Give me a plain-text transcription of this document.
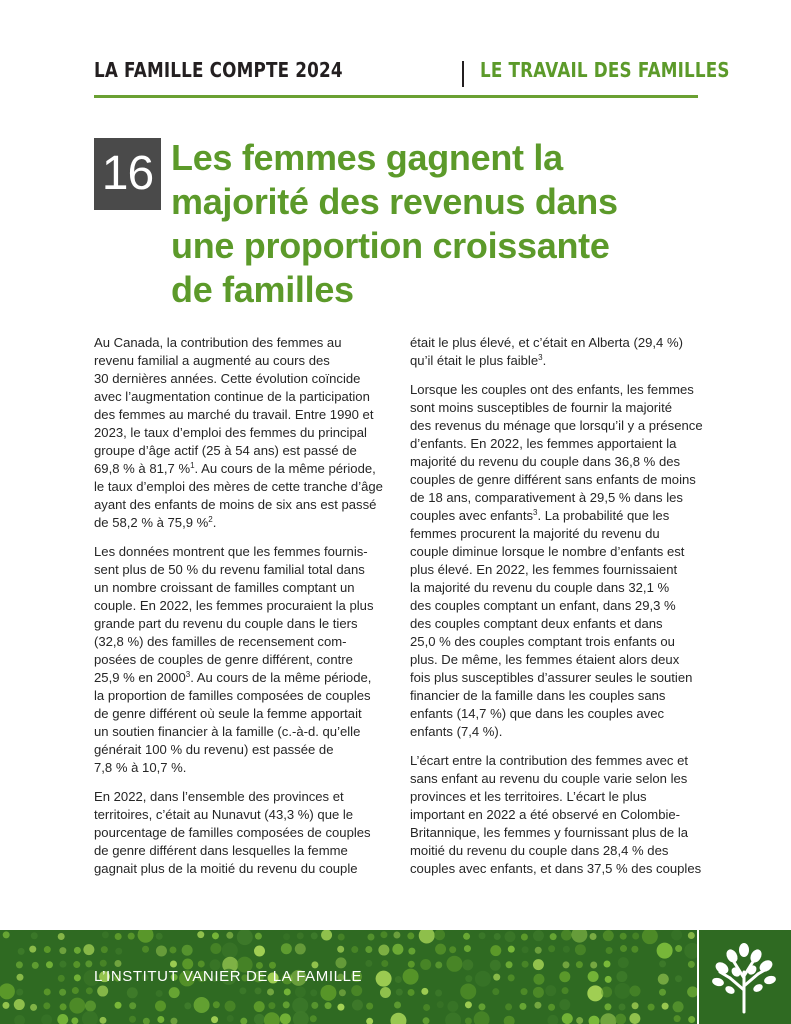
LA FAMILLE COMPTE 2024	LE TRAVAIL DES FAMILLES
16 Les femmes gagnent la
majorité des revenus dans
une proportion croissante
de familles

Au Canada, la contribution des femmes au
revenu familial a augmenté au cours des
30 dernières années. Cette évolution coïncide
avec l’augmentation continue de la participation
des femmes au marché du travail. Entre 1990 et
2023, le taux d’emploi des femmes du principal
groupe d’âge actif (25 à 54 ans) est passé de
69,8 % à 81,7 %$^1$. Au cours de la même période,
le taux d’emploi des mères de cette tranche d’âge
ayant des enfants de moins de six ans est passé
de 58,2 % à 75,9 %$^2$.

Les données montrent que les femmes fournis-
sent plus de 50 % du revenu familial total dans
un nombre croissant de familles comptant un
couple. En 2022, les femmes procuraient la plus
grande part du revenu du couple dans le tiers
(32,8 %) des familles de recensement com-
posées de couples de genre différent, contre
25,9 % en 2000$^3$. Au cours de la même période,
la proportion de familles composées de couples
de genre différent où seule la femme apportait
un soutien financier à la famille (c.-à-d. qu’elle
générait 100 % du revenu) est passée de
7,8 % à 10,7 %.

En 2022, dans l’ensemble des provinces et
territoires, c’était au Nunavut (43,3 %) que le
pourcentage de familles composées de couples
de genre différent dans lesquelles la femme
gagnait plus de la moitié du revenu du couple

était le plus élevé, et c’était en Alberta (29,4 %)
qu’il était le plus faible$^3$.

Lorsque les couples ont des enfants, les femmes
sont moins susceptibles de fournir la majorité
des revenus du ménage que lorsqu’il y a présence
d’enfants. En 2022, les femmes apportaient la
majorité du revenu du couple dans 36,8 % des
couples de genre différent sans enfants de moins
de 18 ans, comparativement à 29,5 % dans les
couples avec enfants$^3$. La probabilité que les
femmes procurent la majorité du revenu du
couple diminue lorsque le nombre d’enfants est
plus élevé. En 2022, les femmes fournissaient
la majorité du revenu du couple dans 32,1 %
des couples comptant un enfant, dans 29,3 %
des couples comptant deux enfants et dans
25,0 % des couples comptant trois enfants ou
plus. De même, les femmes étaient alors deux
fois plus susceptibles d’assurer seules le soutien
financier de la famille dans les couples sans
enfants (14,7 %) que dans les couples avec
enfants (7,4 %).

L’écart entre la contribution des femmes avec et
sans enfant au revenu du couple varie selon les
provinces et les territoires. L’écart le plus
important en 2022 a été observé en Colombie-
Britannique, les femmes y fournissant plus de la
moitié du revenu du couple dans 28,4 % des
couples avec enfants, et dans 37,5 % des couples

L’INSTITUT VANIER DE LA FAMILLE
